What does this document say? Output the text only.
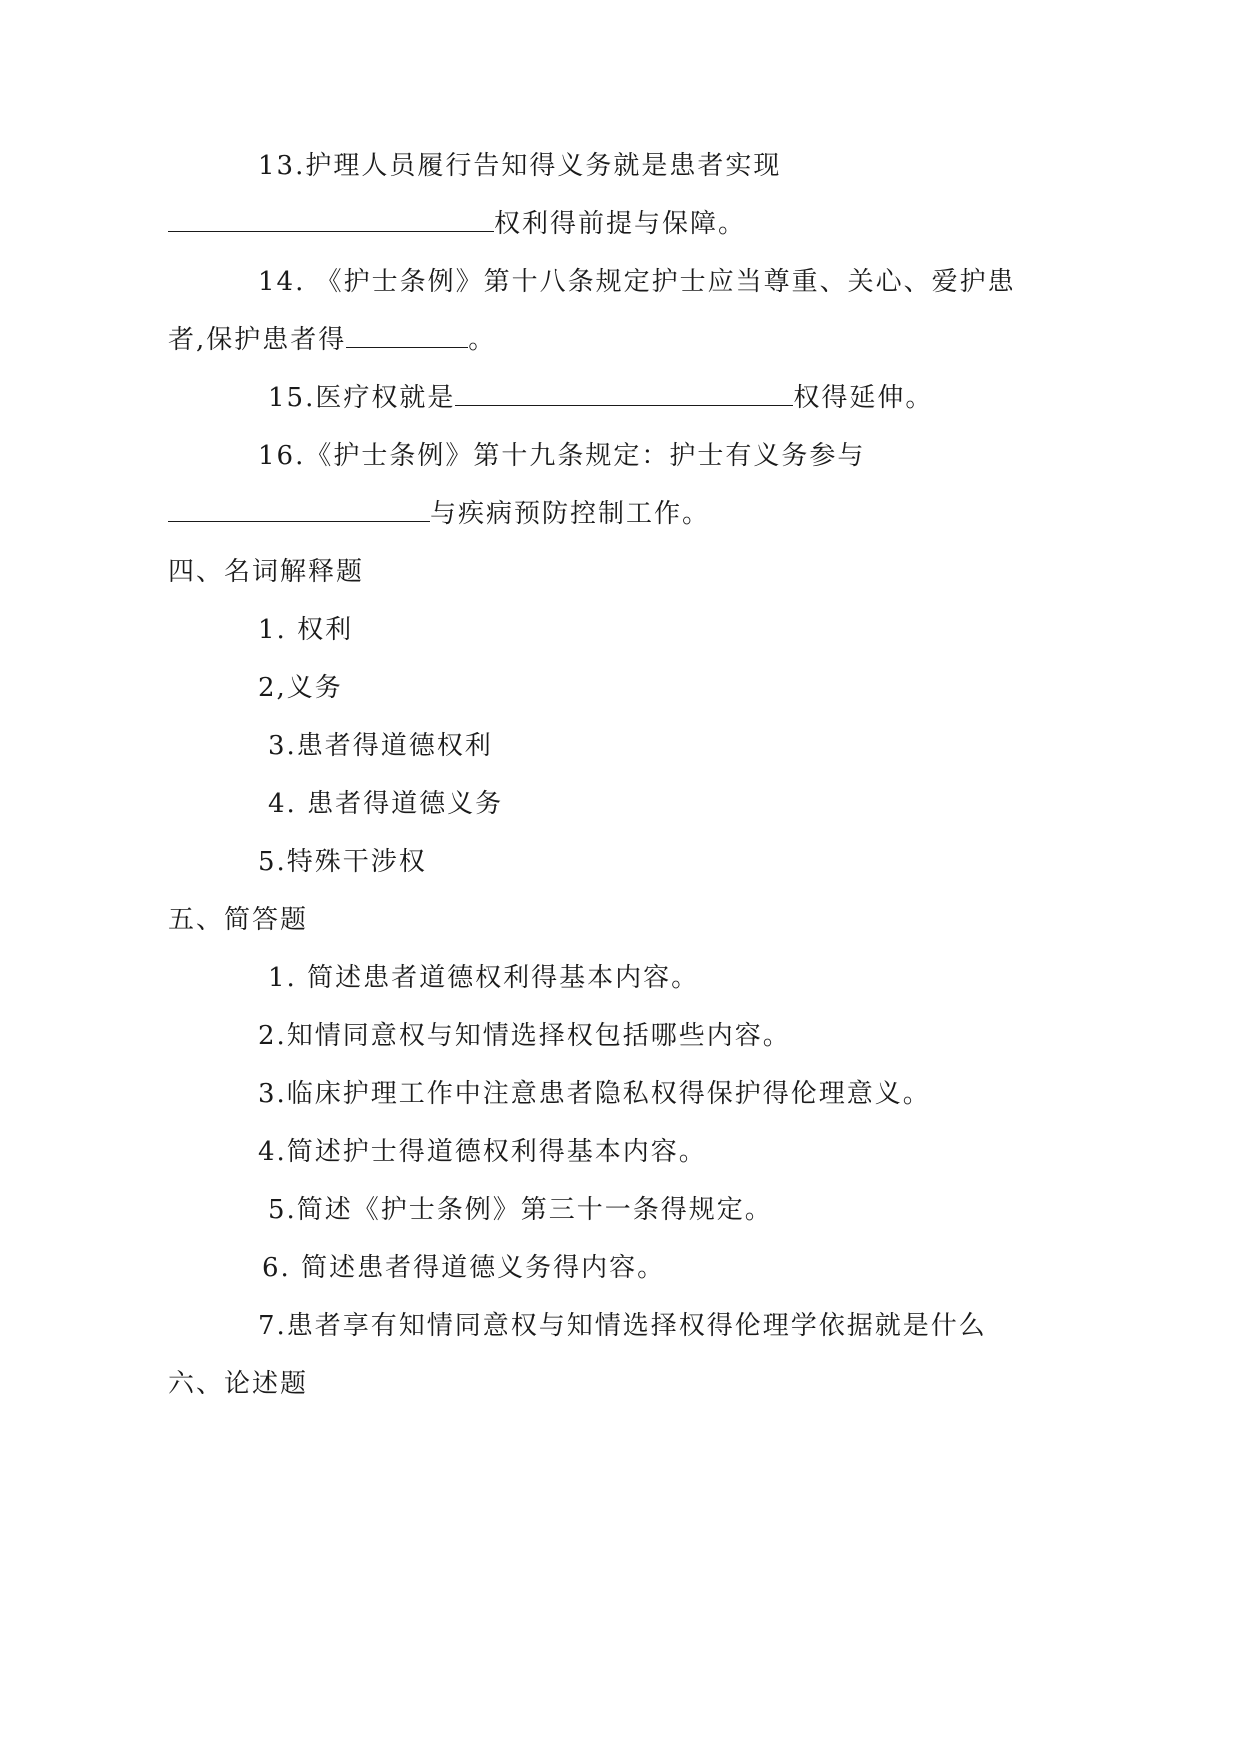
13.护理人员履行告知得义务就是患者实现
权利得前提与保障。
14. 《护士条例》第十八条规定护士应当尊重、关心、爱护患
者,保护患者得	。
15.医疗权就是	权得延伸。
16.《护士条例》第十九条规定：护士有义务参与
与疾病预防控制工作。
四、名词解释题
1. 权利
2,义务
3.患者得道德权利
4. 患者得道德义务
5.特殊干涉权
五、简答题
1. 简述患者道德权利得基本内容。
2.知情同意权与知情选择权包括哪些内容。
3.临床护理工作中注意患者隐私权得保护得伦理意义。
4.简述护士得道德权利得基本内容。
5.简述《护士条例》第三十一条得规定。
6. 简述患者得道德义务得内容。
7.患者享有知情同意权与知情选择权得伦理学依据就是什么
六、论述题
